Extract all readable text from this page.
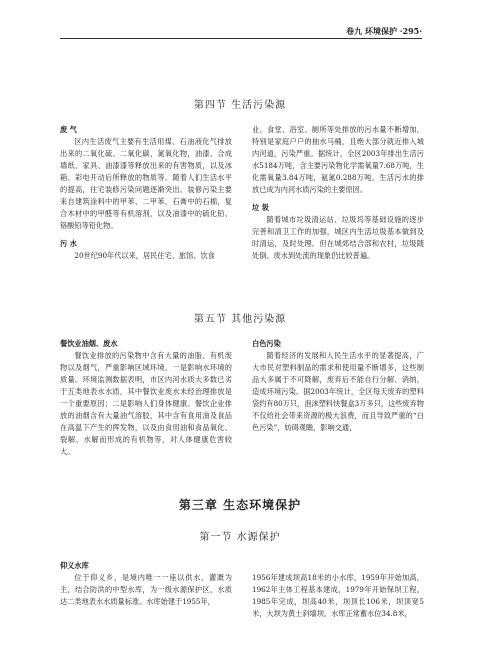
卷九 环境保护 ·295·
第四节 生活污染源
废 气
区内生活废气主要有生活用煤、石油液化气排放出来的二氧化硫、二氧化碳、氮氧化物，油漆、合成墙纸、家具、油漆漆等释放出来的有害物质，以及冰箱、彩电开动后所释放的物质等。随着人们生活水平的提高，住宅装修污染问题逐渐突出。装修污染主要来自建筑涂料中的甲苯、二甲苯，石膏中的石棉，复合木材中的甲醛等有机溶剂，以及油漆中的硫化铅、铬酸铅等铅化物。
污 水
20世纪90年代以来，居民住宅、旅馆、饮食
业、食堂、浴室、厕所等处排放的污水量不断增加，特别是家庭户户的抽水马桶，且绝大部分就近排入城内河道，污染严重。据统计，全区2003年排出生活污水5184万吨，含主要污染物化学需氧量7.68万吨，生化需氧量3.84万吨，氨氮0.288万吨。生活污水的排放已成为内河水质污染的主要原因。
垃 圾
随着城市垃圾清运站、垃圾坞等基础设施的逐步完善和清卫工作的加强，城区内生活垃圾基本做到及时清运，及时处理。但在城郊结合部和农村，垃圾随处倒、废水到处流的现象仍比较普遍。
第五节 其他污染源
餐饮业油烟、废水
餐饮业排放的污染物中含有大量的油脂、有机废物以及烟气，严重影响区域环境。一是影响水环境的质量。环境监测数据表明，市区内河水质大多数已劣于五类地表水水质，其中餐饮业废水未经治理排放是一个重要原因；二是影响人们身体健康。餐饮企业排放的油烟含有大量油气溶胶，其中含有食用油及食品在高温下产生的挥发物，以及由食用油和食品氧化、裂解、水解而形成的有机物等，对人体健康危害较大。
白色污染
随着经济的发展和人民生活水平的显著提高，广大市民对塑料制品的需求和使用量不断增多，这些制品大多属于不可降解，废弃后不能自行分解、消纳，造成环境污染。据2003年统计，全区每天废弃的塑料袋约有80万只，泡沫塑料快餐盒3万多只，这些废弃物不仅给社会带来资源的极大浪费，而且导致严重的“白色污染”，妨碍观瞻，影响交通，
第三章 生态环境保护
第一节 水源保护
仰义水库
位于仰义乡，是境内唯一一座以供水、灌溉为主，结合防洪的中型水库，为一级水源保护区，水质达二类地表水水质量标准。水库始建于1955年，
1956年建成坝高18米的小水库，1959年开始加高，1962年主体工程基本建成，1979年开始保坝工程，1985年完成，坝高40米，坝顶长106米，坝顶宽5米，大坝为黄土斜墙坝。水库正常蓄水位34.8米，
